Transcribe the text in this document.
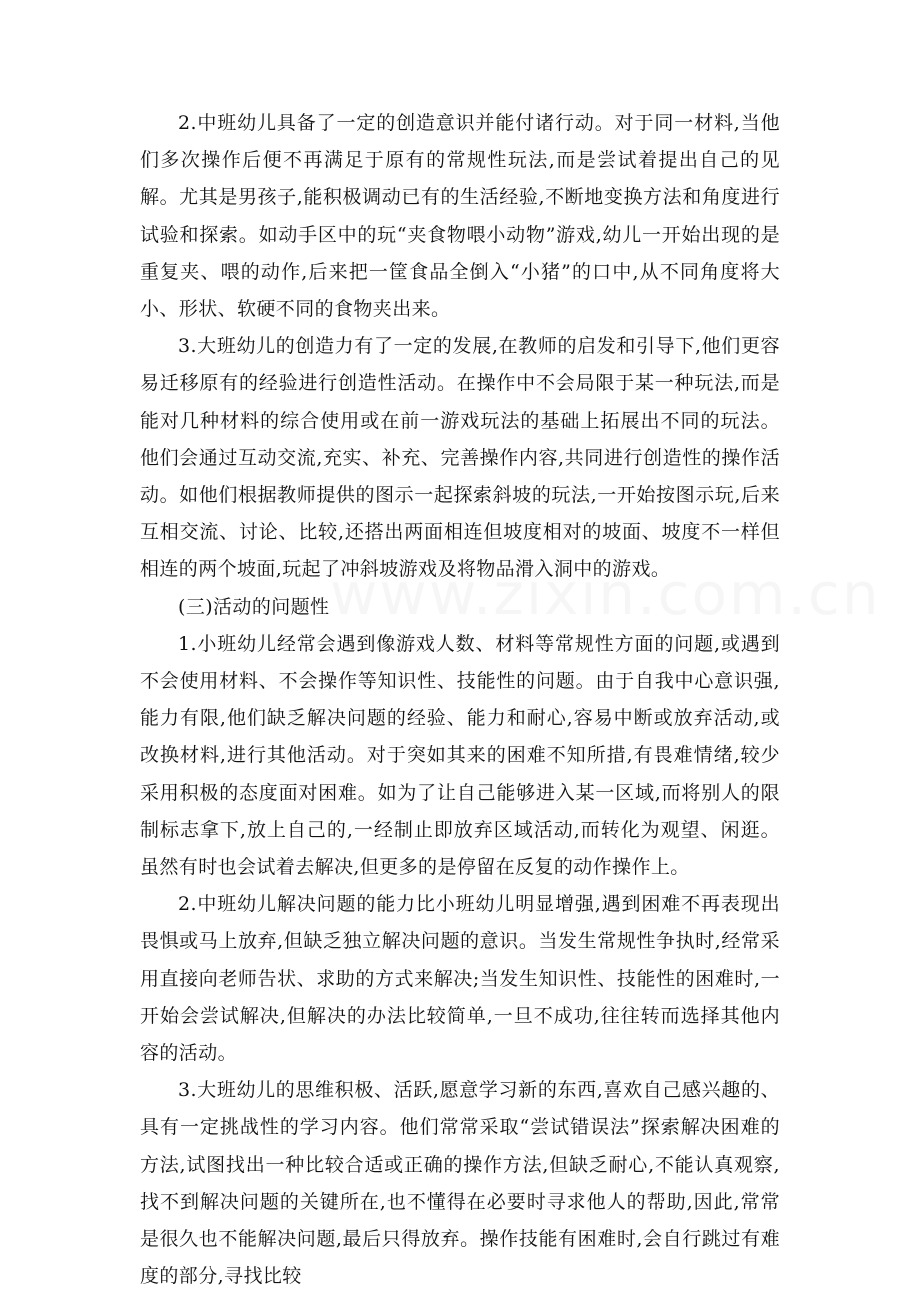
2.中班幼儿具备了一定的创造意识并能付诸行动。对于同一材料,当他们多次操作后便不再满足于原有的常规性玩法,而是尝试着提出自己的见解。尤其是男孩子,能积极调动已有的生活经验,不断地变换方法和角度进行试验和探索。如动手区中的玩“夹食物喂小动物”游戏,幼儿一开始出现的是重复夹、喂的动作,后来把一筐食品全倒入“小猪”的口中,从不同角度将大小、形状、软硬不同的食物夹出来。

3.大班幼儿的创造力有了一定的发展,在教师的启发和引导下,他们更容易迁移原有的经验进行创造性活动。在操作中不会局限于某一种玩法,而是能对几种材料的综合使用或在前一游戏玩法的基础上拓展出不同的玩法。他们会通过互动交流,充实、补充、完善操作内容,共同进行创造性的操作活动。如他们根据教师提供的图示一起探索斜坡的玩法,一开始按图示玩,后来互相交流、讨论、比较,还搭出两面相连但坡度相对的坡面、坡度不一样但相连的两个坡面,玩起了冲斜坡游戏及将物品滑入洞中的游戏。

(三)活动的问题性

1.小班幼儿经常会遇到像游戏人数、材料等常规性方面的问题,或遇到不会使用材料、不会操作等知识性、技能性的问题。由于自我中心意识强,能力有限,他们缺乏解决问题的经验、能力和耐心,容易中断或放弃活动,或改换材料,进行其他活动。对于突如其来的困难不知所措,有畏难情绪,较少采用积极的态度面对困难。如为了让自己能够进入某一区域,而将别人的限制标志拿下,放上自己的,一经制止即放弃区域活动,而转化为观望、闲逛。虽然有时也会试着去解决,但更多的是停留在反复的动作操作上。

2.中班幼儿解决问题的能力比小班幼儿明显增强,遇到困难不再表现出畏惧或马上放弃,但缺乏独立解决问题的意识。当发生常规性争执时,经常采用直接向老师告状、求助的方式来解决;当发生知识性、技能性的困难时,一开始会尝试解决,但解决的办法比较简单,一旦不成功,往往转而选择其他内容的活动。

3.大班幼儿的思维积极、活跃,愿意学习新的东西,喜欢自己感兴趣的、具有一定挑战性的学习内容。他们常常采取“尝试错误法”探索解决困难的方法,试图找出一种比较合适或正确的操作方法,但缺乏耐心,不能认真观察,找不到解决问题的关键所在,也不懂得在必要时寻求他人的帮助,因此,常常是很久也不能解决问题,最后只得放弃。操作技能有困难时,会自行跳过有难度的部分,寻找比较
